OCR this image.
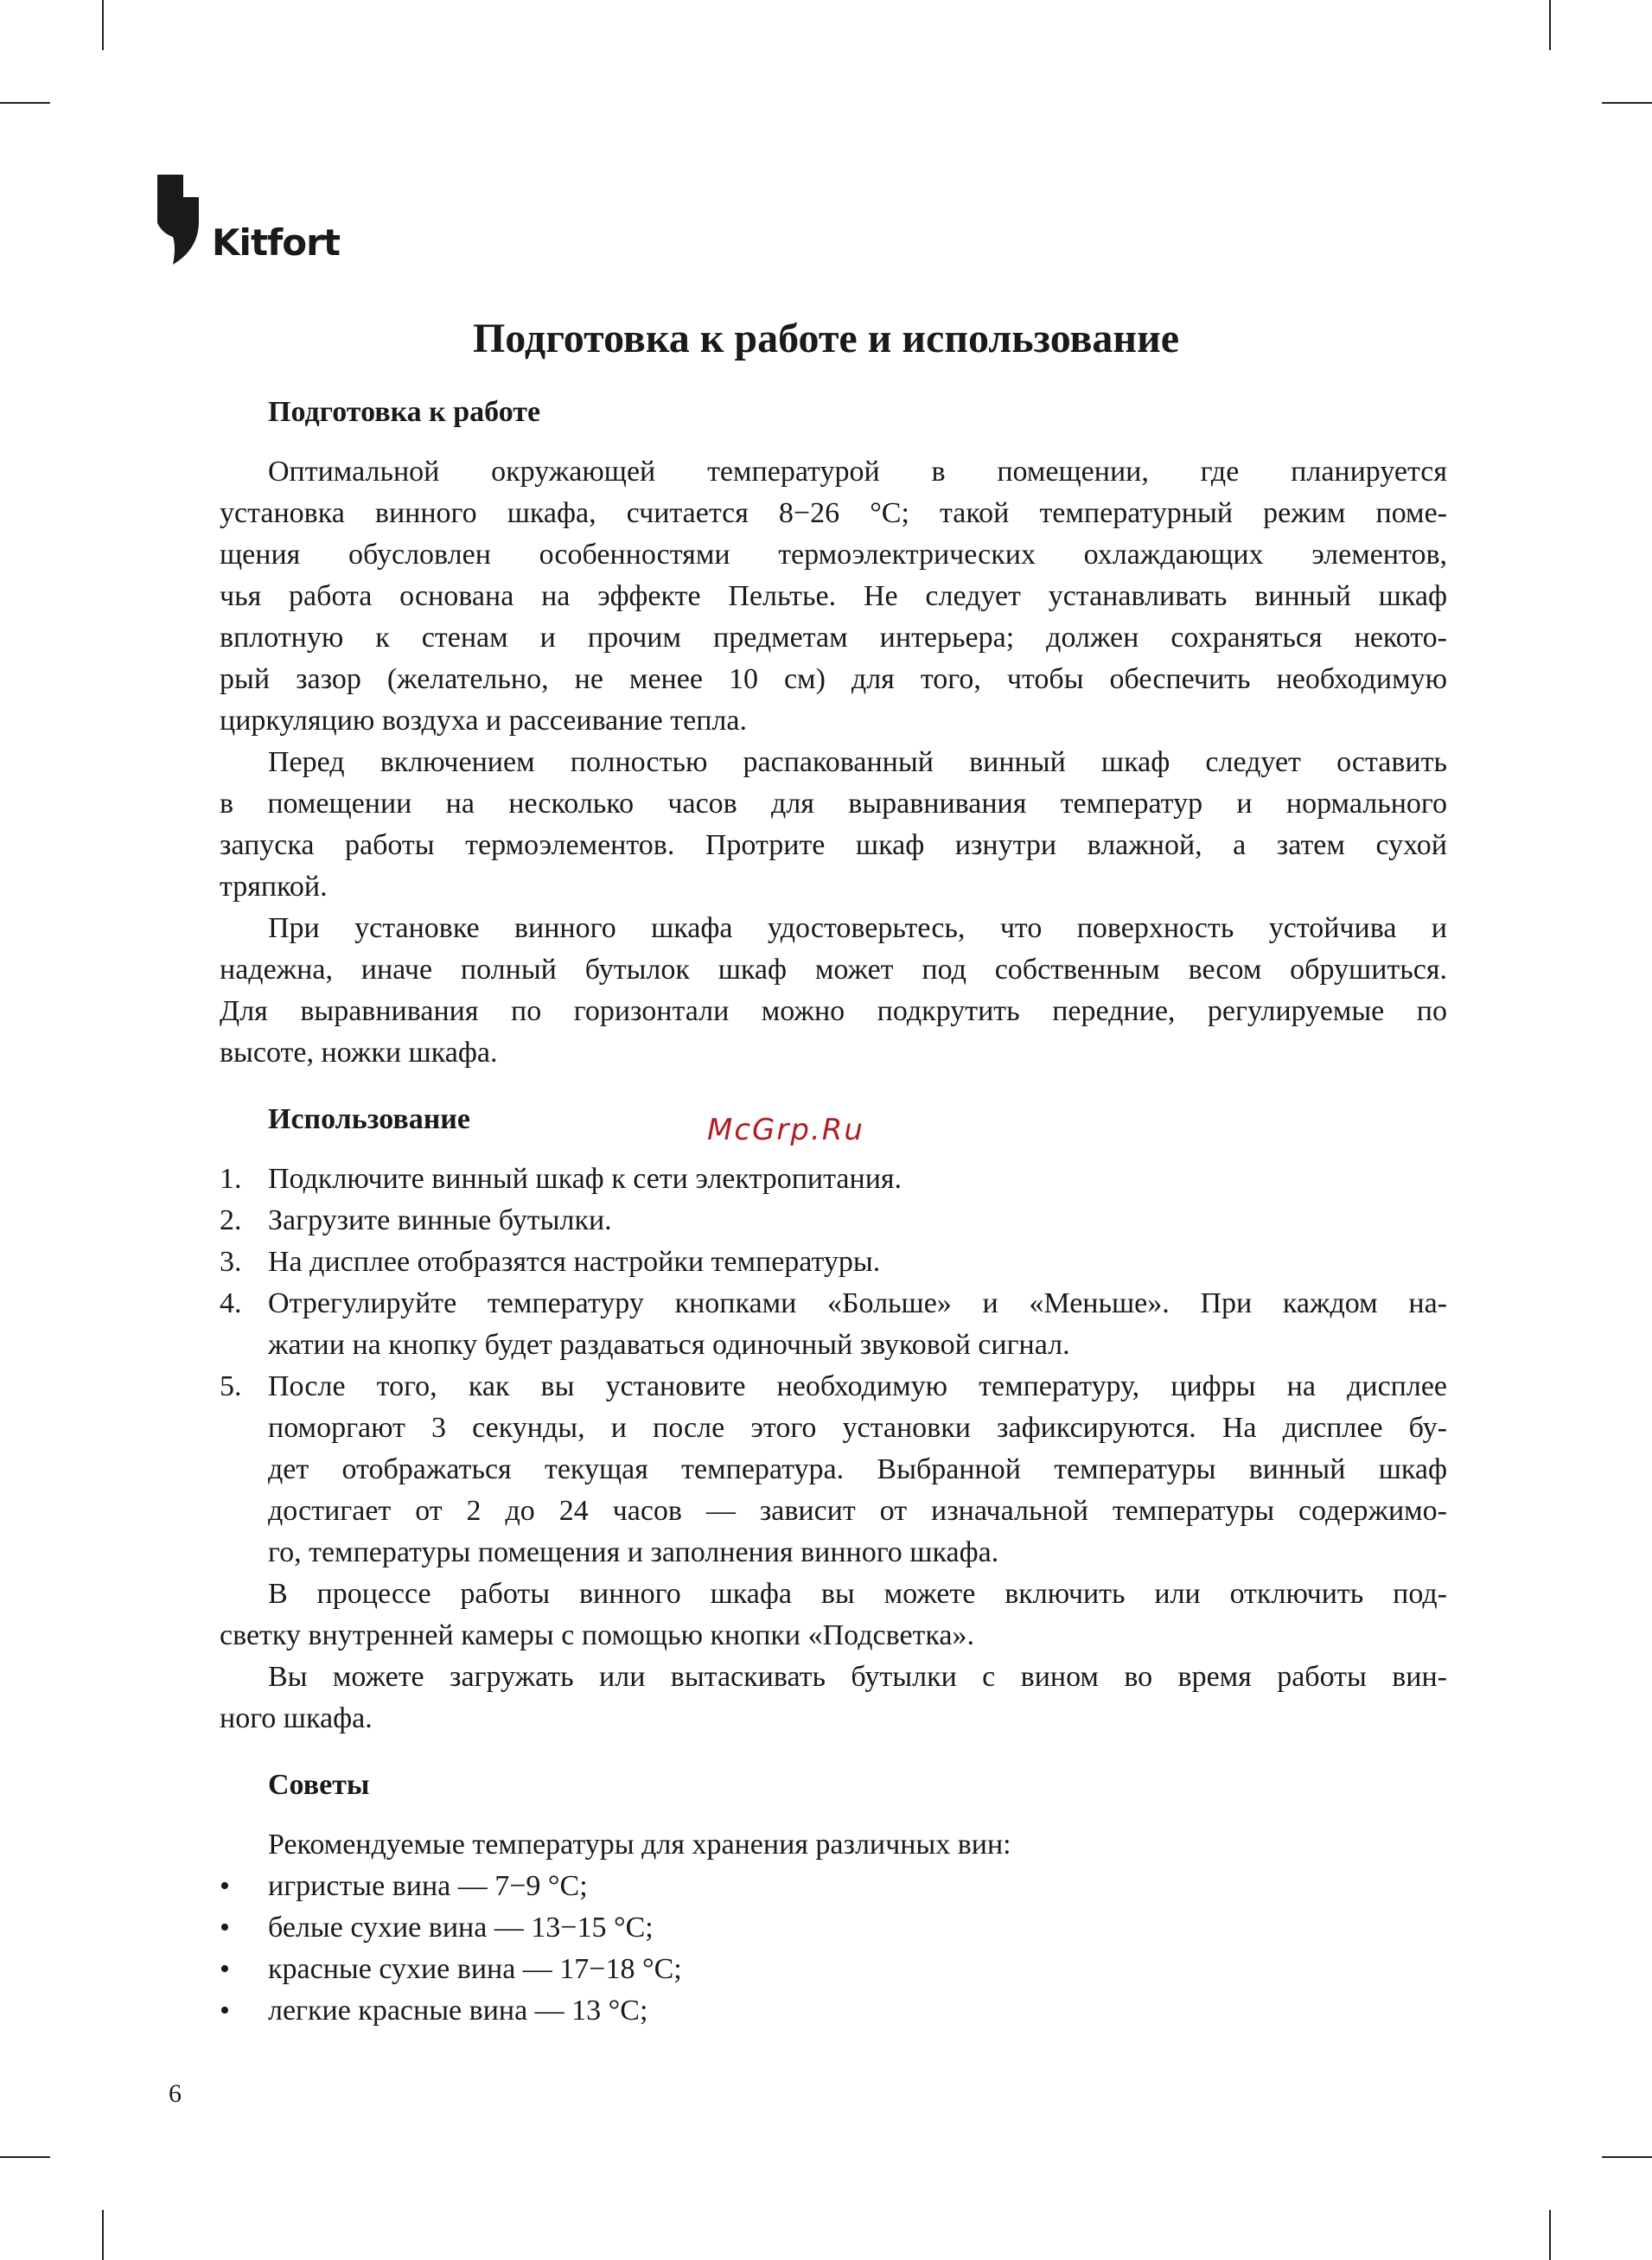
Kitfort
Подготовка к работе и использование
Подготовка к работе
Оптимальной окружающей температурой в помещении, где планируется
установка винного шкафа, считается 8−26 °С; такой температурный режим поме-
щения обусловлен особенностями термоэлектрических охлаждающих элементов,
чья работа основана на эффекте Пельтье. Не следует устанавливать винный шкаф
вплотную к стенам и прочим предметам интерьера; должен сохраняться некото-
рый зазор (желательно, не менее 10 см) для того, чтобы обеспечить необходимую
циркуляцию воздуха и рассеивание тепла.
Перед включением полностью распакованный винный шкаф следует оставить
в помещении на несколько часов для выравнивания температур и нормального
запуска работы термоэлементов. Протрите шкаф изнутри влажной, а затем сухой
тряпкой.
При установке винного шкафа удостоверьтесь, что поверхность устойчива и
надежна, иначе полный бутылок шкаф может под собственным весом обрушиться.
Для выравнивания по горизонтали можно подкрутить передние, регулируемые по
высоте, ножки шкафа.
Использование
1. Подключите винный шкаф к сети электропитания.
2. Загрузите винные бутылки.
3. На дисплее отобразятся настройки температуры.
4. Отрегулируйте температуру кнопками «Больше» и «Меньше». При каждом на-
жатии на кнопку будет раздаваться одиночный звуковой сигнал.
5. После того, как вы установите необходимую температуру, цифры на дисплее
поморгают 3 секунды, и после этого установки зафиксируются. На дисплее бу-
дет отображаться текущая температура. Выбранной температуры винный шкаф
достигает от 2 до 24 часов — зависит от изначальной температуры содержимо-
го, температуры помещения и заполнения винного шкафа.
В процессе работы винного шкафа вы можете включить или отключить под-
светку внутренней камеры с помощью кнопки «Подсветка».
Вы можете загружать или вытаскивать бутылки с вином во время работы вин-
ного шкафа.
Советы
Рекомендуемые температуры для хранения различных вин:
• игристые вина — 7−9 °С;
• белые сухие вина — 13−15 °С;
• красные сухие вина — 17−18 °С;
• легкие красные вина — 13 °С;
McGrp.Ru
6
